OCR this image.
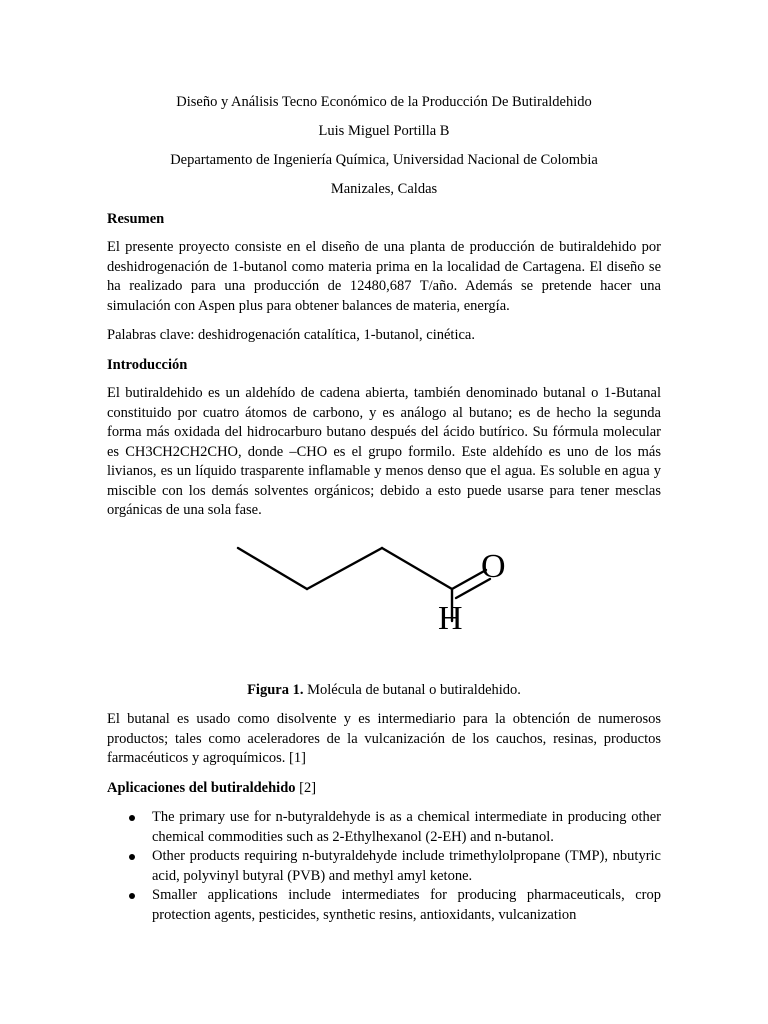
Diseño y Análisis Tecno Económico de la Producción De Butiraldehido
Luis Miguel Portilla B
Departamento de Ingeniería Química, Universidad Nacional de Colombia
Manizales, Caldas
Resumen
El presente proyecto consiste en el diseño de una planta de producción de butiraldehido por deshidrogenación de 1-butanol como materia prima en la localidad de Cartagena. El diseño se ha realizado para una producción de 12480,687 T/año. Además se pretende hacer una simulación con Aspen plus para obtener balances de materia, energía.
Palabras clave: deshidrogenación catalítica, 1-butanol, cinética.
Introducción
El butiraldehido es un aldehído de cadena abierta, también denominado butanal o 1-Butanal constituido por cuatro átomos de carbono, y es análogo al butano; es de hecho la segunda forma más oxidada del hidrocarburo butano después del ácido butírico. Su fórmula molecular es CH3CH2CH2CHO, donde –CHO es el grupo formilo. Este aldehído es uno de los más livianos, es un líquido trasparente inflamable y menos denso que el agua. Es soluble en agua y miscible con los demás solventes orgánicos; debido a esto puede usarse para tener mesclas orgánicas de una sola fase.
O
H
Figura 1. Molécula de butanal o butiraldehido.
El butanal es usado como disolvente y es intermediario para la obtención de numerosos productos; tales como aceleradores de la vulcanización de los cauchos, resinas, productos farmacéuticos y agroquímicos. [1]
Aplicaciones del butiraldehido [2]
The primary use for n-butyraldehyde is as a chemical intermediate in producing other chemical commodities such as 2-Ethylhexanol (2-EH) and n-butanol.
Other products requiring n-butyraldehyde include trimethylolpropane (TMP), nbutyric acid, polyvinyl butyral (PVB) and methyl amyl ketone.
Smaller applications include intermediates for producing pharmaceuticals, crop protection agents, pesticides, synthetic resins, antioxidants, vulcanization
